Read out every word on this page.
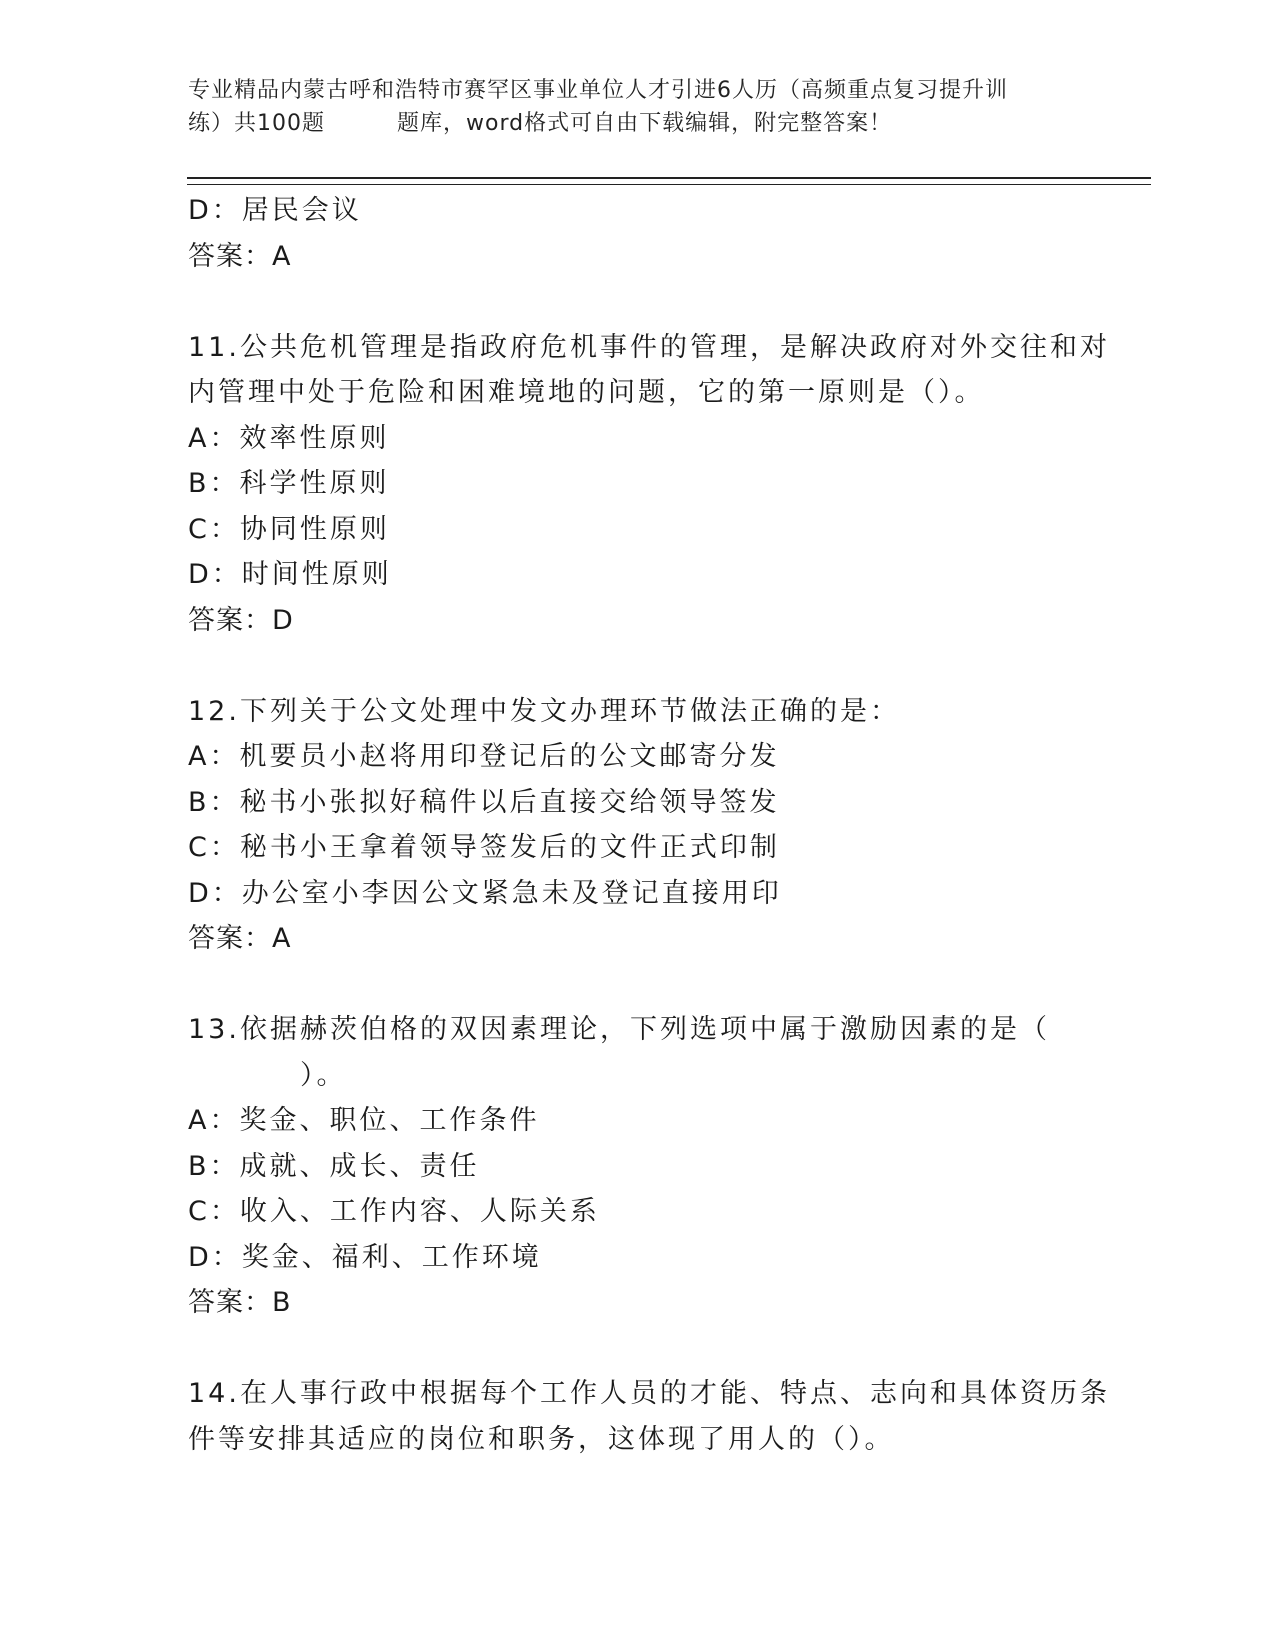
专业精品内蒙古呼和浩特市赛罕区事业单位人才引进6人历（高频重点复习提升训
练）共100题	题库，word格式可自由下载编辑，附完整答案！
D：居民会议
答案：A
11.公共危机管理是指政府危机事件的管理，是解决政府对外交往和对
内管理中处于危险和困难境地的问题，它的第一原则是（）。
A：效率性原则
B：科学性原则
C：协同性原则
D：时间性原则
答案：D
12.下列关于公文处理中发文办理环节做法正确的是：
A：机要员小赵将用印登记后的公文邮寄分发
B：秘书小张拟好稿件以后直接交给领导签发
C：秘书小王拿着领导签发后的文件正式印制
D：办公室小李因公文紧急未及登记直接用印
答案：A
13.依据赫茨伯格的双因素理论，下列选项中属于激励因素的是（
）。
A：奖金、职位、工作条件
B：成就、成长、责任
C：收入、工作内容、人际关系
D：奖金、福利、工作环境
答案：B
14.在人事行政中根据每个工作人员的才能、特点、志向和具体资历条
件等安排其适应的岗位和职务，这体现了用人的（）。
